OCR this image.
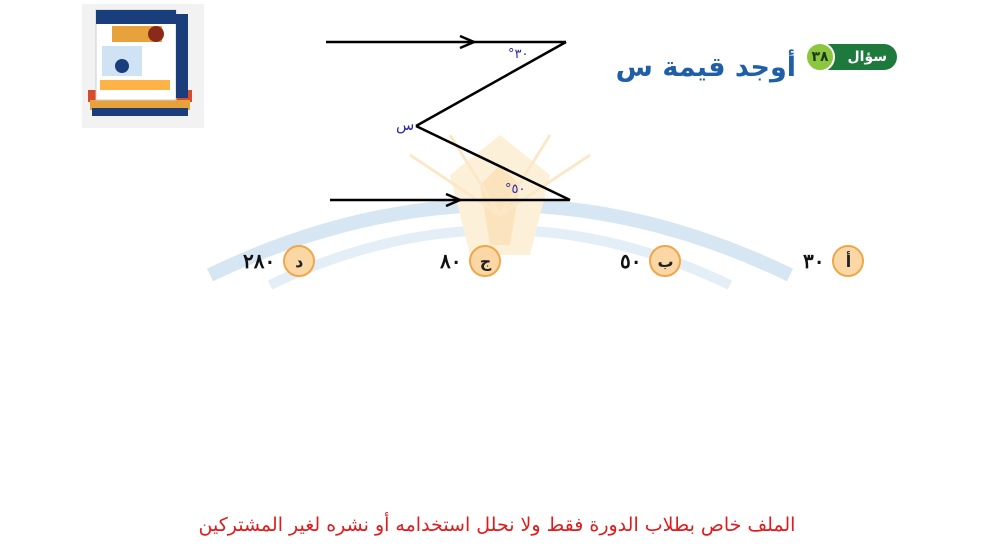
°٣٠
°٥٠
س
سؤال
٣٨
أوجد قيمة س
أ
٣٠
ب
٥٠
ج
٨٠
د
٢٨٠
الملف خاص بطلاب الدورة فقط ولا نحلل استخدامه أو نشره لغير المشتركين
